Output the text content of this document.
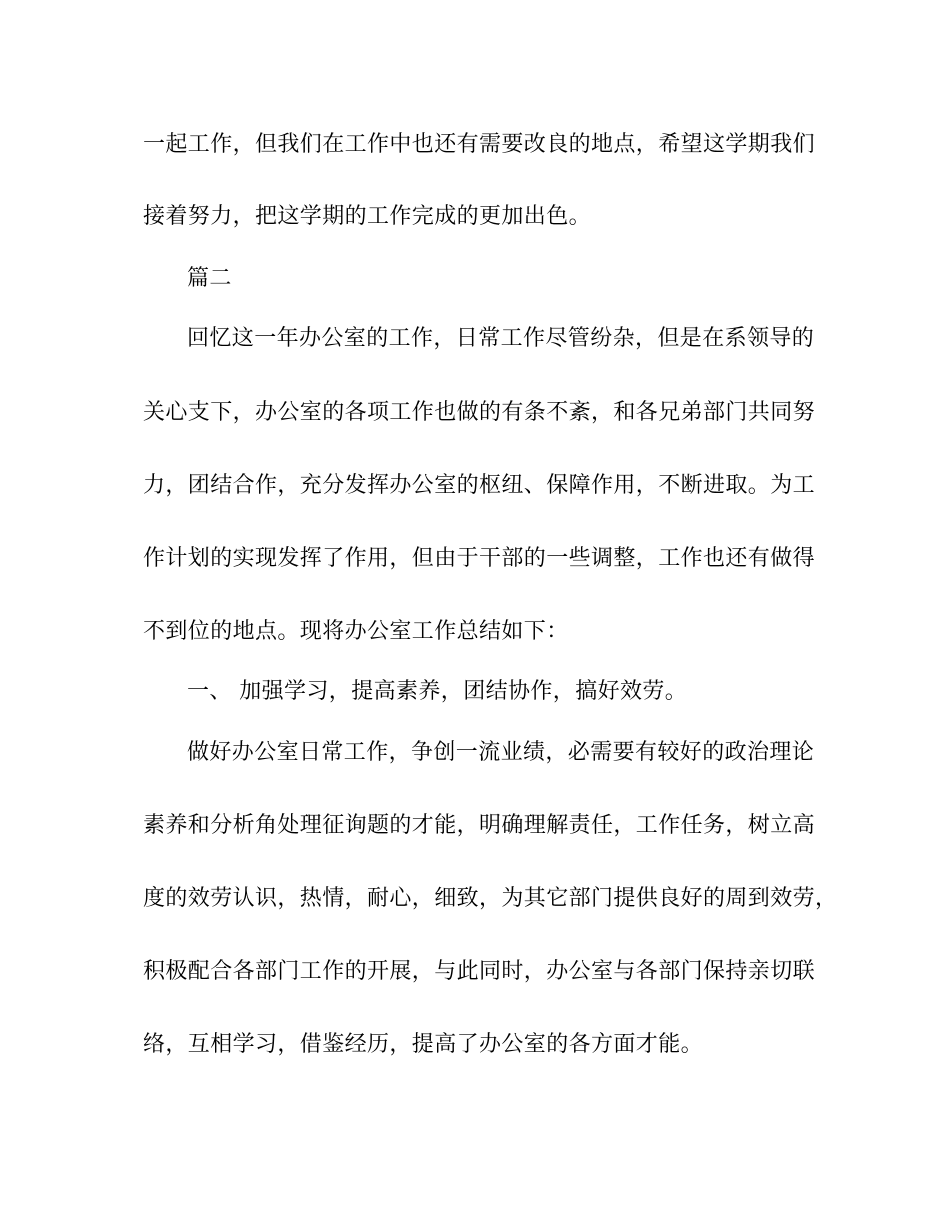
一起工作，但我们在工作中也还有需要改良的地点，希望这学期我们
接着努力，把这学期的工作完成的更加出色。
篇二
回忆这一年办公室的工作，日常工作尽管纷杂，但是在系领导的
关心支下，办公室的各项工作也做的有条不紊，和各兄弟部门共同努
力，团结合作，充分发挥办公室的枢纽、保障作用，不断进取。为工
作计划的实现发挥了作用，但由于干部的一些调整，工作也还有做得
不到位的地点。现将办公室工作总结如下：
一、 加强学习，提高素养，团结协作，搞好效劳。
做好办公室日常工作，争创一流业绩，必需要有较好的政治理论
素养和分析角处理征询题的才能，明确理解责任，工作任务，树立高
度的效劳认识，热情，耐心，细致，为其它部门提供良好的周到效劳，
积极配合各部门工作的开展，与此同时，办公室与各部门保持亲切联
络，互相学习，借鉴经历，提高了办公室的各方面才能。
